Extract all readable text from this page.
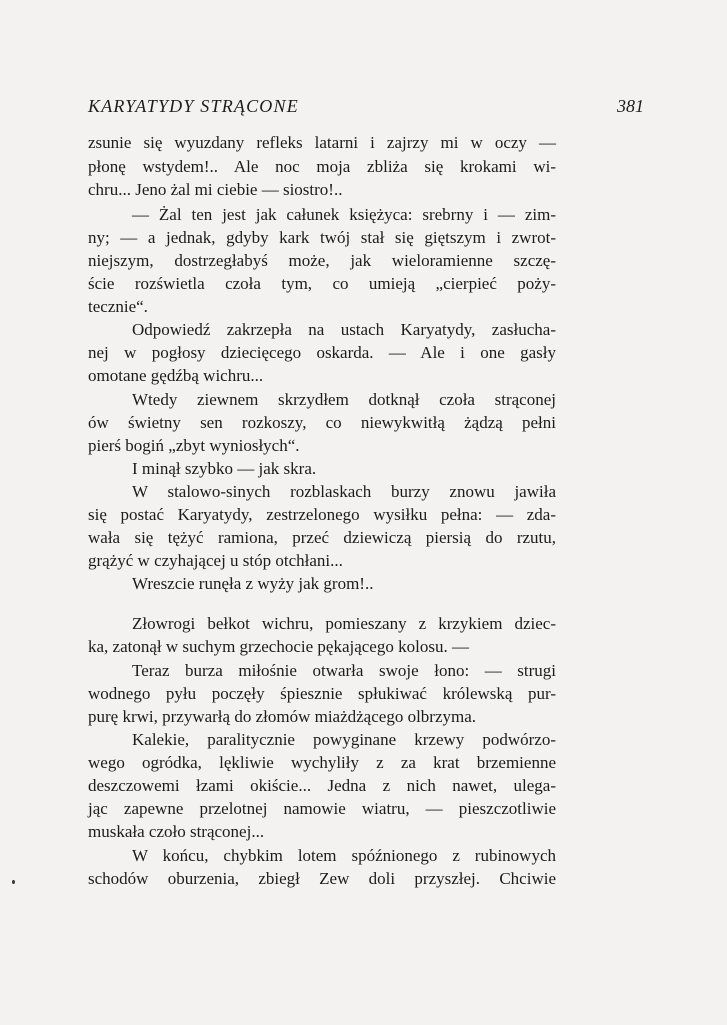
KARYATYDY STRĄCONE	381
zsunie się wyuzdany refleks latarni i zajrzy mi w oczy —
płonę wstydem!.. Ale noc moja zbliża się krokami wi-
chru... Jeno żal mi ciebie — siostro!..
— Żal ten jest jak całunek księżyca: srebrny i — zim-
ny; — a jednak, gdyby kark twój stał się giętszym i zwrot-
niejszym, dostrzegłabyś może, jak wieloramienne szczę-
ście rozświetla czoła tym, co umieją „cierpieć poży-
tecznie“.
Odpowiedź zakrzepła na ustach Karyatydy, zasłucha-
nej w pogłosy dziecięcego oskarda. — Ale i one gasły
omotane gędźbą wichru...
Wtedy ziewnem skrzydłem dotknął czoła strąconej
ów świetny sen rozkoszy, co niewykwitłą żądzą pełni
pierś bogiń „zbyt wyniosłych“.
I minął szybko — jak skra.
W stalowo-sinych rozblaskach burzy znowu jawiła
się postać Karyatydy, zestrzelonego wysiłku pełna: — zda-
wała się tężyć ramiona, przeć dziewiczą piersią do rzutu,
grążyć w czyhającej u stóp otchłani...
Wreszcie runęła z wyży jak grom!..
Złowrogi bełkot wichru, pomieszany z krzykiem dziec-
ka, zatonął w suchym grzechocie pękającego kolosu. —
Teraz burza miłośnie otwarła swoje łono: — strugi
wodnego pyłu poczęły śpiesznie spłukiwać królewską pur-
purę krwi, przywarłą do złomów miażdżącego olbrzyma.
Kalekie, paralitycznie powyginane krzewy podwórzo-
wego ogródka, lękliwie wychyliły z za krat brzemienne
deszczowemi łzami okiście... Jedna z nich nawet, ulega-
jąc zapewne przelotnej namowie wiatru, — pieszczotliwie
muskała czoło strąconej...
W końcu, chybkim lotem spóźnionego z rubinowych
schodów oburzenia, zbiegł Zew doli przyszłej. Chciwie
